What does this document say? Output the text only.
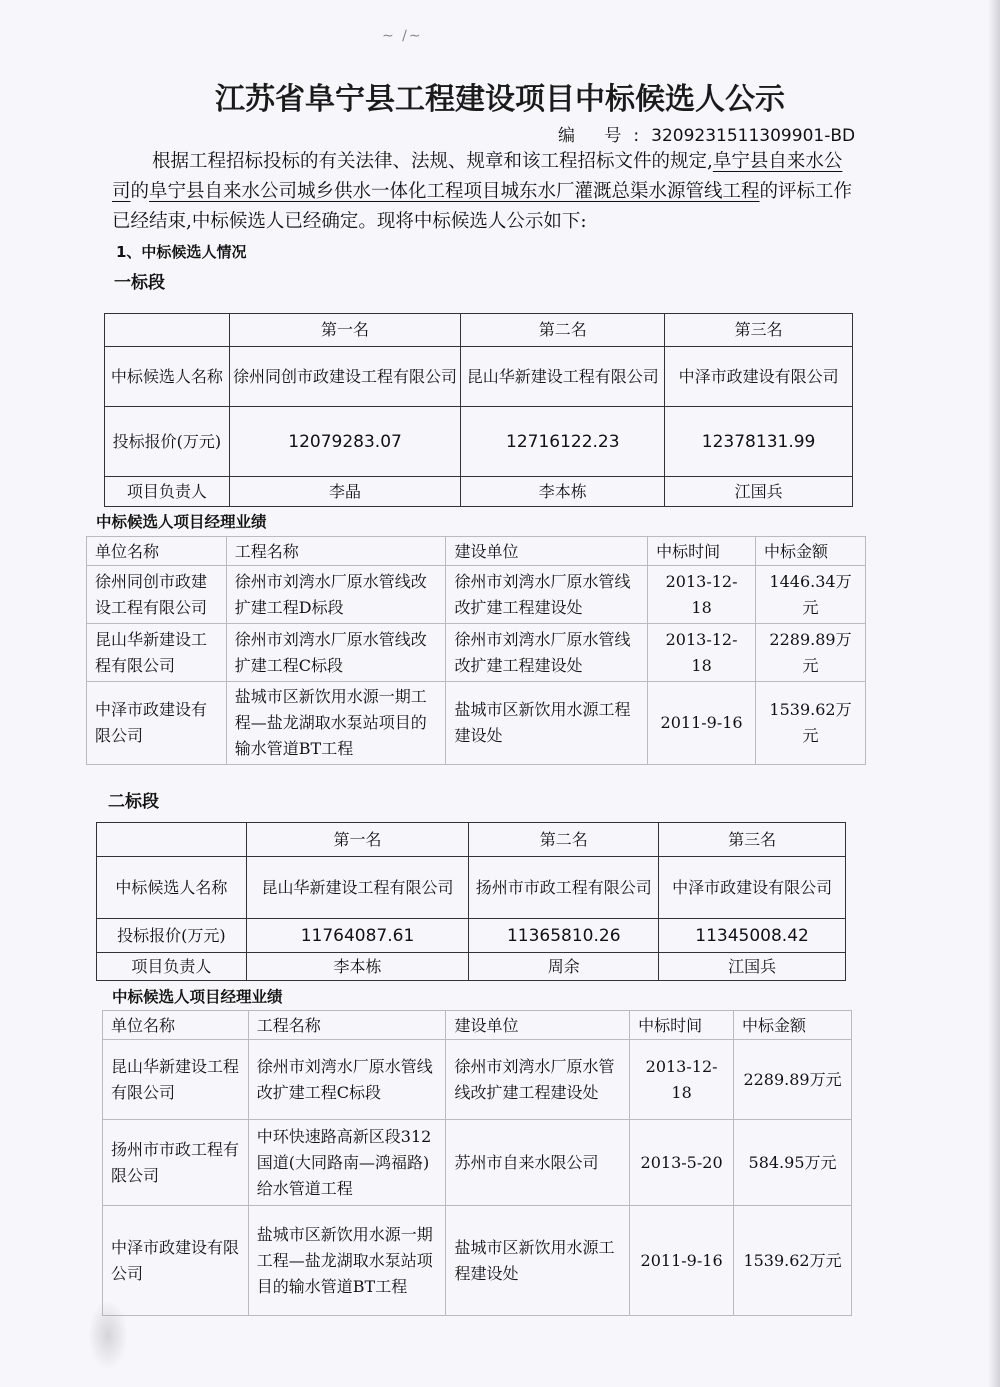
∼ ∕∼
江苏省阜宁县工程建设项目中标候选人公示
编 号:3209231511309901-BD

根据工程招标投标的有关法律、法规、规章和该工程招标文件的规定,阜宁县自来水公司的阜宁县自来水公司城乡供水一体化工程项目城东水厂灌溉总渠水源管线工程的评标工作已经结束,中标候选人已经确定。现将中标候选人公示如下:

1、中标候选人情况
一标段
	第一名	第二名	第三名
中标候选人名称	徐州同创市政建设工程有限公司	昆山华新建设工程有限公司	中泽市政建设有限公司
投标报价(万元)	12079283.07	12716122.23	12378131.99
项目负责人	李晶	李本栋	江国兵
中标候选人项目经理业绩
单位名称	工程名称	建设单位	中标时间	中标金额
徐州同创市政建设工程有限公司	徐州市刘湾水厂原水管线改扩建工程D标段	徐州市刘湾水厂原水管线改扩建工程建设处	2013-12-18	1446.34万元
昆山华新建设工程有限公司	徐州市刘湾水厂原水管线改扩建工程C标段	徐州市刘湾水厂原水管线改扩建工程建设处	2013-12-18	2289.89万元
中泽市政建设有限公司	盐城市区新饮用水源一期工程—盐龙湖取水泵站项目的输水管道BT工程	盐城市区新饮用水源工程建设处	2011-9-16	1539.62万元
二标段
	第一名	第二名	第三名
中标候选人名称	昆山华新建设工程有限公司	扬州市市政工程有限公司	中泽市政建设有限公司
投标报价(万元)	11764087.61	11365810.26	11345008.42
项目负责人	李本栋	周余	江国兵
中标候选人项目经理业绩
单位名称	工程名称	建设单位	中标时间	中标金额
昆山华新建设工程有限公司	徐州市刘湾水厂原水管线改扩建工程C标段	徐州市刘湾水厂原水管线改扩建工程建设处	2013-12-18	2289.89万元
扬州市市政工程有限公司	中环快速路高新区段312国道(大同路南—鸿福路)给水管道工程	苏州市自来水限公司	2013-5-20	584.95万元
中泽市政建设有限公司	盐城市区新饮用水源一期工程—盐龙湖取水泵站项目的输水管道BT工程	盐城市区新饮用水源工程建设处	2011-9-16	1539.62万元
